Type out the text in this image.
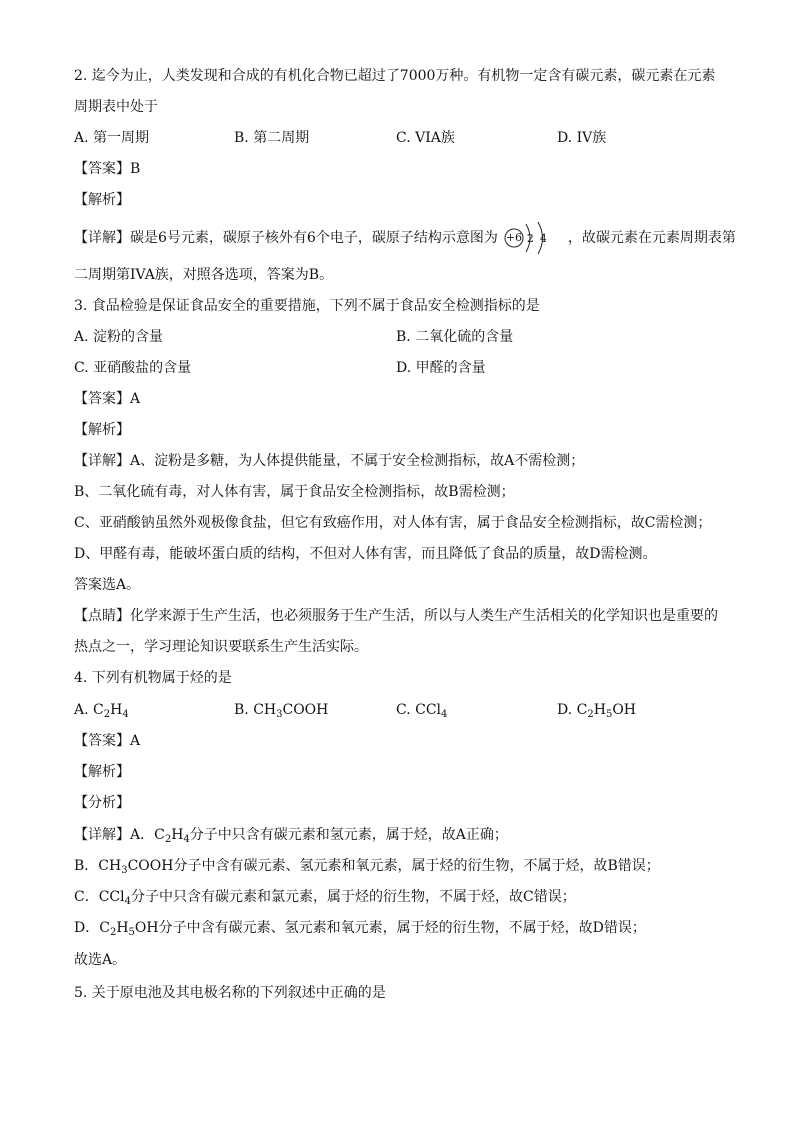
2. 迄今为止，人类发现和合成的有机化合物已超过了7000万种。有机物一定含有碳元素，碳元素在元素
周期表中处于
A. 第一周期	B. 第二周期	C. VIA族	D. IV族
【答案】B
【解析】
【详解】碳是6号元素，碳原子核外有6个电子，碳原子结构示意图为 +6 2 4 ，故碳元素在元素周期表第
二周期第IVA族，对照各选项，答案为B。
3. 食品检验是保证食品安全的重要措施，下列不属于食品安全检测指标的是
A. 淀粉的含量	B. 二氧化硫的含量
C. 亚硝酸盐的含量	D. 甲醛的含量
【答案】A
【解析】
【详解】A、淀粉是多糖，为人体提供能量，不属于安全检测指标，故A不需检测；
B、二氧化硫有毒，对人体有害，属于食品安全检测指标，故B需检测；
C、亚硝酸钠虽然外观极像食盐，但它有致癌作用，对人体有害，属于食品安全检测指标，故C需检测；
D、甲醛有毒，能破坏蛋白质的结构，不但对人体有害，而且降低了食品的质量，故D需检测。
答案选A。
【点睛】化学来源于生产生活，也必须服务于生产生活，所以与人类生产生活相关的化学知识也是重要的
热点之一，学习理论知识要联系生产生活实际。
4. 下列有机物属于烃的是
A. $C_2H_4$	B. $CH_3COOH$	C. CCl$_4$	D. $C_2H_5OH$
【答案】A
【解析】
【分析】
【详解】A．$C_2H_4$分子中只含有碳元素和氢元素，属于烃，故A正确；
B．$CH_3COOH$分子中含有碳元素、氢元素和氧元素，属于烃的衍生物，不属于烃，故B错误；
C．CCl$_4$分子中只含有碳元素和氯元素，属于烃的衍生物，不属于烃，故C错误；
D．$C_2H_5OH$分子中含有碳元素、氢元素和氧元素，属于烃的衍生物，不属于烃，故D错误；
故选A。
5. 关于原电池及其电极名称的下列叙述中正确的是
